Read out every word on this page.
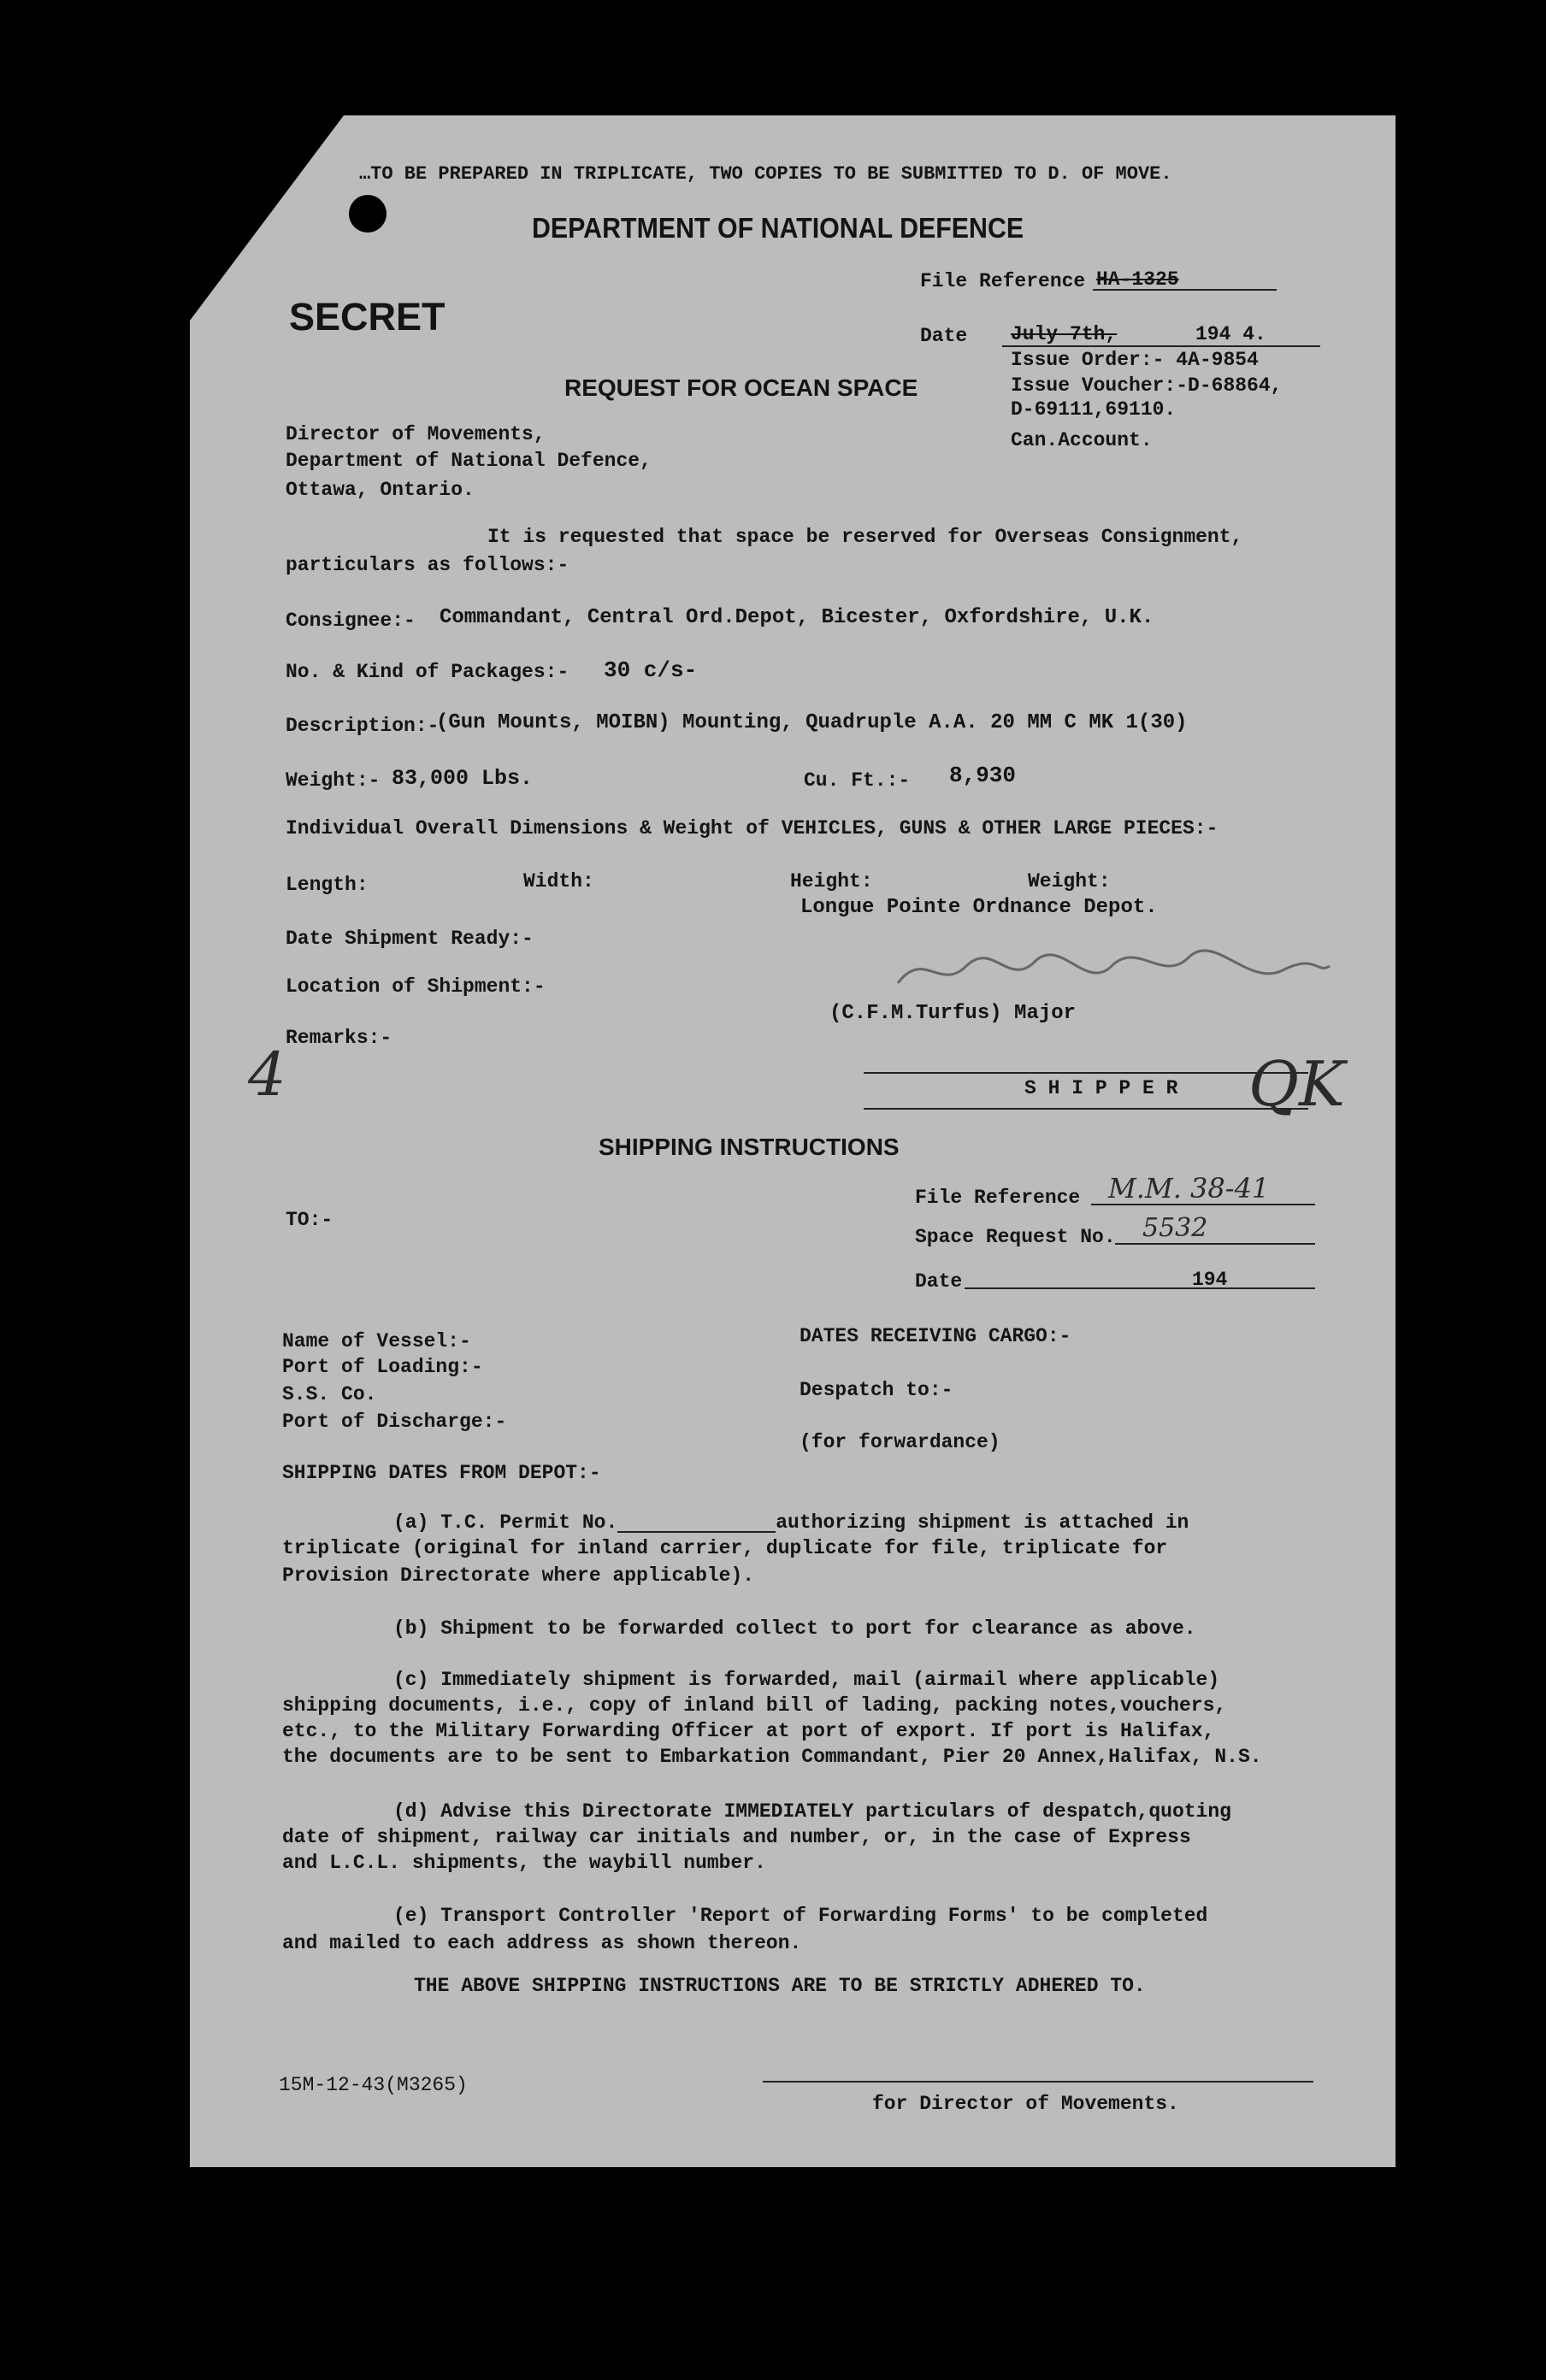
…TO BE PREPARED IN TRIPLICATE, TWO COPIES TO BE SUBMITTED TO D. OF MOVE.
DEPARTMENT OF NATIONAL DEFENCE
SECRET
File Reference HA-1325
Date July 7th,	194 4.
Issue Order:- 4A-9854
Issue Voucher:-D-68864,
D-69111,69110.
Can.Account.
REQUEST FOR OCEAN SPACE
Director of Movements,
Department of National Defence,
Ottawa, Ontario.
It is requested that space be reserved for Overseas Consignment,
particulars as follows:-
Consignee:- Commandant, Central Ord.Depot, Bicester, Oxfordshire, U.K.
No. & Kind of Packages:- 30 c/s-
Description:-
(Gun Mounts, MOIBN) Mounting, Quadruple A.A. 20 MM C MK 1(30)
Weight:- 83,000 Lbs.	Cu. Ft.:- 8,930
Individual Overall Dimensions & Weight of VEHICLES, GUNS & OTHER LARGE PIECES:-
Length:	Width:	Height:	Weight:
Longue Pointe Ordnance Depot.
Date Shipment Ready:-
Location of Shipment:-
(C.F.M.Turfus) Major
Remarks:-
4	S H I P P E R QK
SHIPPING INSTRUCTIONS
File Reference M.M. 38-41
TO:-
Space Request No. 5532
Date	194
Name of Vessel:-
Port of Loading:-
S.S. Co.
Port of Discharge:-
DATES RECEIVING CARGO:-
Despatch to:-
(for forwardance)
SHIPPING DATES FROM DEPOT:-
(a) T.C. Permit No.	authorizing shipment is attached in
triplicate (original for inland carrier, duplicate for file, triplicate for
Provision Directorate where applicable).
(b) Shipment to be forwarded collect to port for clearance as above.
(c) Immediately shipment is forwarded, mail (airmail where applicable)
shipping documents, i.e., copy of inland bill of lading, packing notes,vouchers,
etc., to the Military Forwarding Officer at port of export. If port is Halifax,
the documents are to be sent to Embarkation Commandant, Pier 20 Annex,Halifax, N.S.
(d) Advise this Directorate IMMEDIATELY particulars of despatch,quoting
date of shipment, railway car initials and number, or, in the case of Express
and L.C.L. shipments, the waybill number.
(e) Transport Controller 'Report of Forwarding Forms' to be completed
and mailed to each address as shown thereon.
THE ABOVE SHIPPING INSTRUCTIONS ARE TO BE STRICTLY ADHERED TO.
15M-12-43(M3265)
for Director of Movements.
